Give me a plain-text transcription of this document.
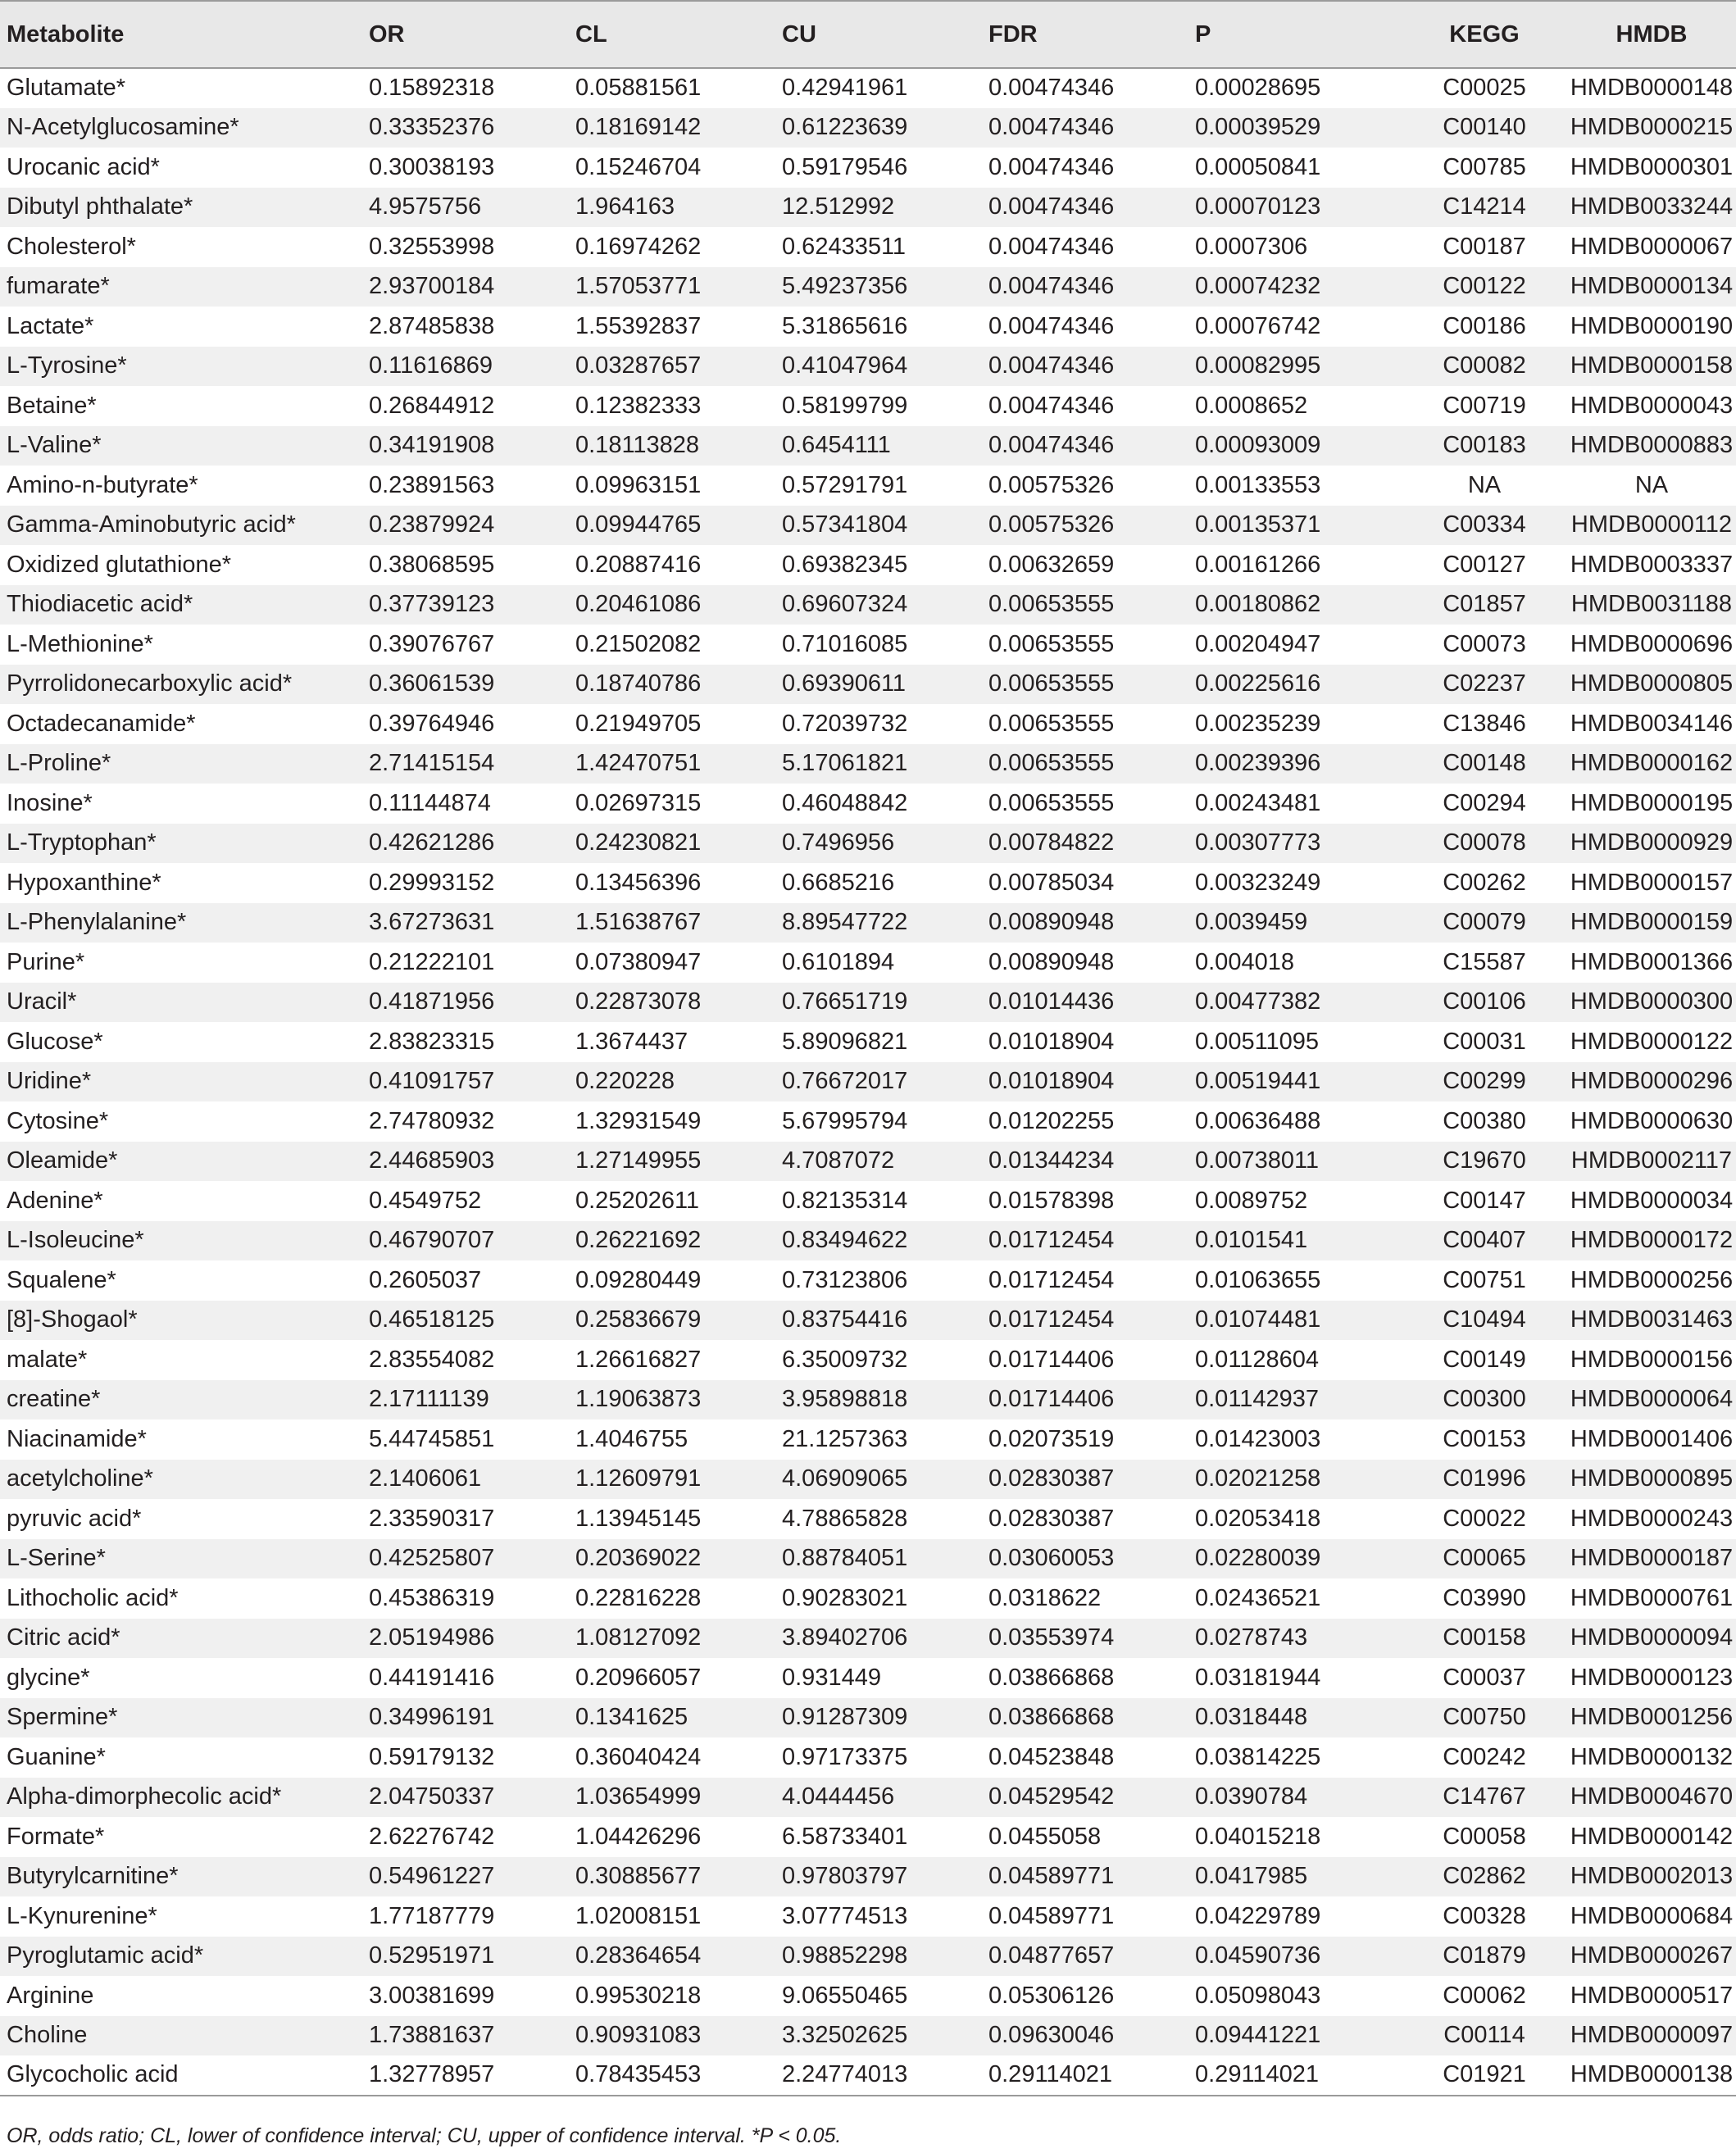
Metabolite	OR	CL	CU	FDR	P	KEGG	HMDB
Glutamate*	0.15892318	0.05881561	0.42941961	0.00474346	0.00028695	C00025	HMDB0000148
N-Acetylglucosamine*	0.33352376	0.18169142	0.61223639	0.00474346	0.00039529	C00140	HMDB0000215
Urocanic acid*	0.30038193	0.15246704	0.59179546	0.00474346	0.00050841	C00785	HMDB0000301
Dibutyl phthalate*	4.9575756	1.964163	12.512992	0.00474346	0.00070123	C14214	HMDB0033244
Cholesterol*	0.32553998	0.16974262	0.62433511	0.00474346	0.0007306	C00187	HMDB0000067
fumarate*	2.93700184	1.57053771	5.49237356	0.00474346	0.00074232	C00122	HMDB0000134
Lactate*	2.87485838	1.55392837	5.31865616	0.00474346	0.00076742	C00186	HMDB0000190
L-Tyrosine*	0.11616869	0.03287657	0.41047964	0.00474346	0.00082995	C00082	HMDB0000158
Betaine*	0.26844912	0.12382333	0.58199799	0.00474346	0.0008652	C00719	HMDB0000043
L-Valine*	0.34191908	0.18113828	0.6454111	0.00474346	0.00093009	C00183	HMDB0000883
Amino-n-butyrate*	0.23891563	0.09963151	0.57291791	0.00575326	0.00133553	NA	NA
Gamma-Aminobutyric acid*	0.23879924	0.09944765	0.57341804	0.00575326	0.00135371	C00334	HMDB0000112
Oxidized glutathione*	0.38068595	0.20887416	0.69382345	0.00632659	0.00161266	C00127	HMDB0003337
Thiodiacetic acid*	0.37739123	0.20461086	0.69607324	0.00653555	0.00180862	C01857	HMDB0031188
L-Methionine*	0.39076767	0.21502082	0.71016085	0.00653555	0.00204947	C00073	HMDB0000696
Pyrrolidonecarboxylic acid*	0.36061539	0.18740786	0.69390611	0.00653555	0.00225616	C02237	HMDB0000805
Octadecanamide*	0.39764946	0.21949705	0.72039732	0.00653555	0.00235239	C13846	HMDB0034146
L-Proline*	2.71415154	1.42470751	5.17061821	0.00653555	0.00239396	C00148	HMDB0000162
Inosine*	0.11144874	0.02697315	0.46048842	0.00653555	0.00243481	C00294	HMDB0000195
L-Tryptophan*	0.42621286	0.24230821	0.7496956	0.00784822	0.00307773	C00078	HMDB0000929
Hypoxanthine*	0.29993152	0.13456396	0.6685216	0.00785034	0.00323249	C00262	HMDB0000157
L-Phenylalanine*	3.67273631	1.51638767	8.89547722	0.00890948	0.0039459	C00079	HMDB0000159
Purine*	0.21222101	0.07380947	0.6101894	0.00890948	0.004018	C15587	HMDB0001366
Uracil*	0.41871956	0.22873078	0.76651719	0.01014436	0.00477382	C00106	HMDB0000300
Glucose*	2.83823315	1.3674437	5.89096821	0.01018904	0.00511095	C00031	HMDB0000122
Uridine*	0.41091757	0.220228	0.76672017	0.01018904	0.00519441	C00299	HMDB0000296
Cytosine*	2.74780932	1.32931549	5.67995794	0.01202255	0.00636488	C00380	HMDB0000630
Oleamide*	2.44685903	1.27149955	4.7087072	0.01344234	0.00738011	C19670	HMDB0002117
Adenine*	0.4549752	0.25202611	0.82135314	0.01578398	0.0089752	C00147	HMDB0000034
L-Isoleucine*	0.46790707	0.26221692	0.83494622	0.01712454	0.0101541	C00407	HMDB0000172
Squalene*	0.2605037	0.09280449	0.73123806	0.01712454	0.01063655	C00751	HMDB0000256
[8]-Shogaol*	0.46518125	0.25836679	0.83754416	0.01712454	0.01074481	C10494	HMDB0031463
malate*	2.83554082	1.26616827	6.35009732	0.01714406	0.01128604	C00149	HMDB0000156
creatine*	2.17111139	1.19063873	3.95898818	0.01714406	0.01142937	C00300	HMDB0000064
Niacinamide*	5.44745851	1.4046755	21.1257363	0.02073519	0.01423003	C00153	HMDB0001406
acetylcholine*	2.1406061	1.12609791	4.06909065	0.02830387	0.02021258	C01996	HMDB0000895
pyruvic acid*	2.33590317	1.13945145	4.78865828	0.02830387	0.02053418	C00022	HMDB0000243
L-Serine*	0.42525807	0.20369022	0.88784051	0.03060053	0.02280039	C00065	HMDB0000187
Lithocholic acid*	0.45386319	0.22816228	0.90283021	0.0318622	0.02436521	C03990	HMDB0000761
Citric acid*	2.05194986	1.08127092	3.89402706	0.03553974	0.0278743	C00158	HMDB0000094
glycine*	0.44191416	0.20966057	0.931449	0.03866868	0.03181944	C00037	HMDB0000123
Spermine*	0.34996191	0.1341625	0.91287309	0.03866868	0.0318448	C00750	HMDB0001256
Guanine*	0.59179132	0.36040424	0.97173375	0.04523848	0.03814225	C00242	HMDB0000132
Alpha-dimorphecolic acid*	2.04750337	1.03654999	4.0444456	0.04529542	0.0390784	C14767	HMDB0004670
Formate*	2.62276742	1.04426296	6.58733401	0.0455058	0.04015218	C00058	HMDB0000142
Butyrylcarnitine*	0.54961227	0.30885677	0.97803797	0.04589771	0.0417985	C02862	HMDB0002013
L-Kynurenine*	1.77187779	1.02008151	3.07774513	0.04589771	0.04229789	C00328	HMDB0000684
Pyroglutamic acid*	0.52951971	0.28364654	0.98852298	0.04877657	0.04590736	C01879	HMDB0000267
Arginine	3.00381699	0.99530218	9.06550465	0.05306126	0.05098043	C00062	HMDB0000517
Choline	1.73881637	0.90931083	3.32502625	0.09630046	0.09441221	C00114	HMDB0000097
Glycocholic acid	1.32778957	0.78435453	2.24774013	0.29114021	0.29114021	C01921	HMDB0000138
OR, odds ratio; CL, lower of confidence interval; CU, upper of confidence interval. *P < 0.05.
